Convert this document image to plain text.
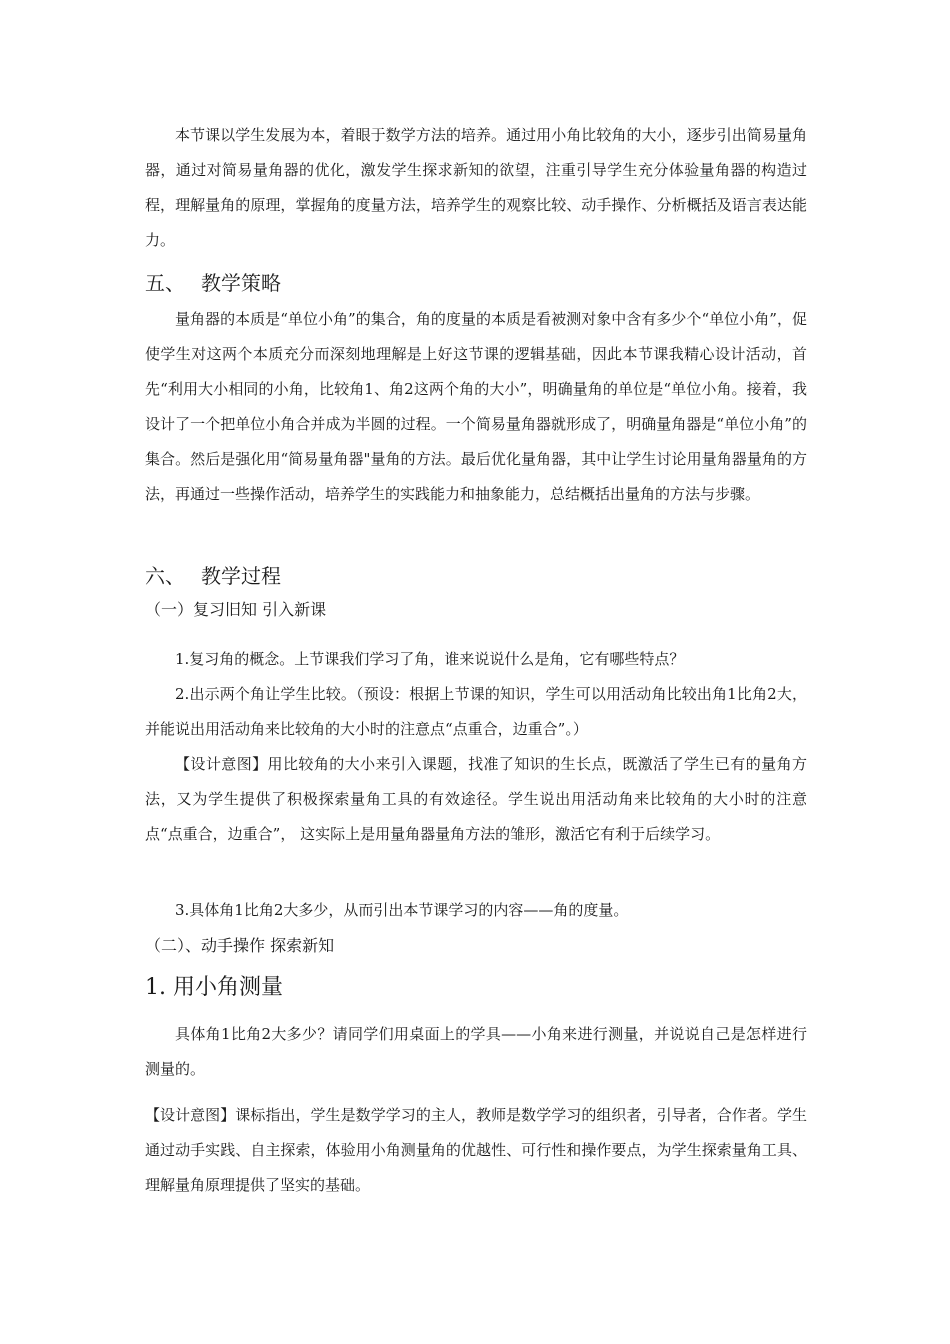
本节课以学生发展为本，着眼于数学方法的培养。通过用小角比较角的大小，逐步引出简易量角器，通过对简易量角器的优化，激发学生探求新知的欲望，注重引导学生充分体验量角器的构造过程，理解量角的原理，掌握角的度量方法，培养学生的观察比较、动手操作、分析概括及语言表达能力。

五、 教学策略

量角器的本质是“单位小角”的集合，角的度量的本质是看被测对象中含有多少个“单位小角”，促使学生对这两个本质充分而深刻地理解是上好这节课的逻辑基础，因此本节课我精心设计活动，首先“利用大小相同的小角，比较角1、角2这两个角的大小”，明确量角的单位是“单位小角。接着，我设计了一个把单位小角合并成为半圆的过程。一个简易量角器就形成了，明确量角器是“单位小角”的集合。然后是强化用“简易量角器"量角的方法。最后优化量角器，其中让学生讨论用量角器量角的方法，再通过一些操作活动，培养学生的实践能力和抽象能力，总结概括出量角的方法与步骤。

六、 教学过程
（一）复习旧知 引入新课

1.复习角的概念。上节课我们学习了角，谁来说说什么是角，它有哪些特点？

2.出示两个角让学生比较。（预设：根据上节课的知识，学生可以用活动角比较出角1比角2大，并能说出用活动角来比较角的大小时的注意点“点重合，边重合”。）

【设计意图】用比较角的大小来引入课题，找准了知识的生长点，既激活了学生已有的量角方法，又为学生提供了积极探索量角工具的有效途径。学生说出用活动角来比较角的大小时的注意点“点重合，边重合”， 这实际上是用量角器量角方法的雏形，激活它有利于后续学习。

3.具体角1比角2大多少，从而引出本节课学习的内容——角的度量。

（二）、动手操作 探索新知
1. 用小角测量

具体角1比角2大多少？请同学们用桌面上的学具——小角来进行测量，并说说自己是怎样进行测量的。

【设计意图】课标指出，学生是数学学习的主人，教师是数学学习的组织者，引导者，合作者。学生通过动手实践、自主探索，体验用小角测量角的优越性、可行性和操作要点，为学生探索量角工具、理解量角原理提供了坚实的基础。
